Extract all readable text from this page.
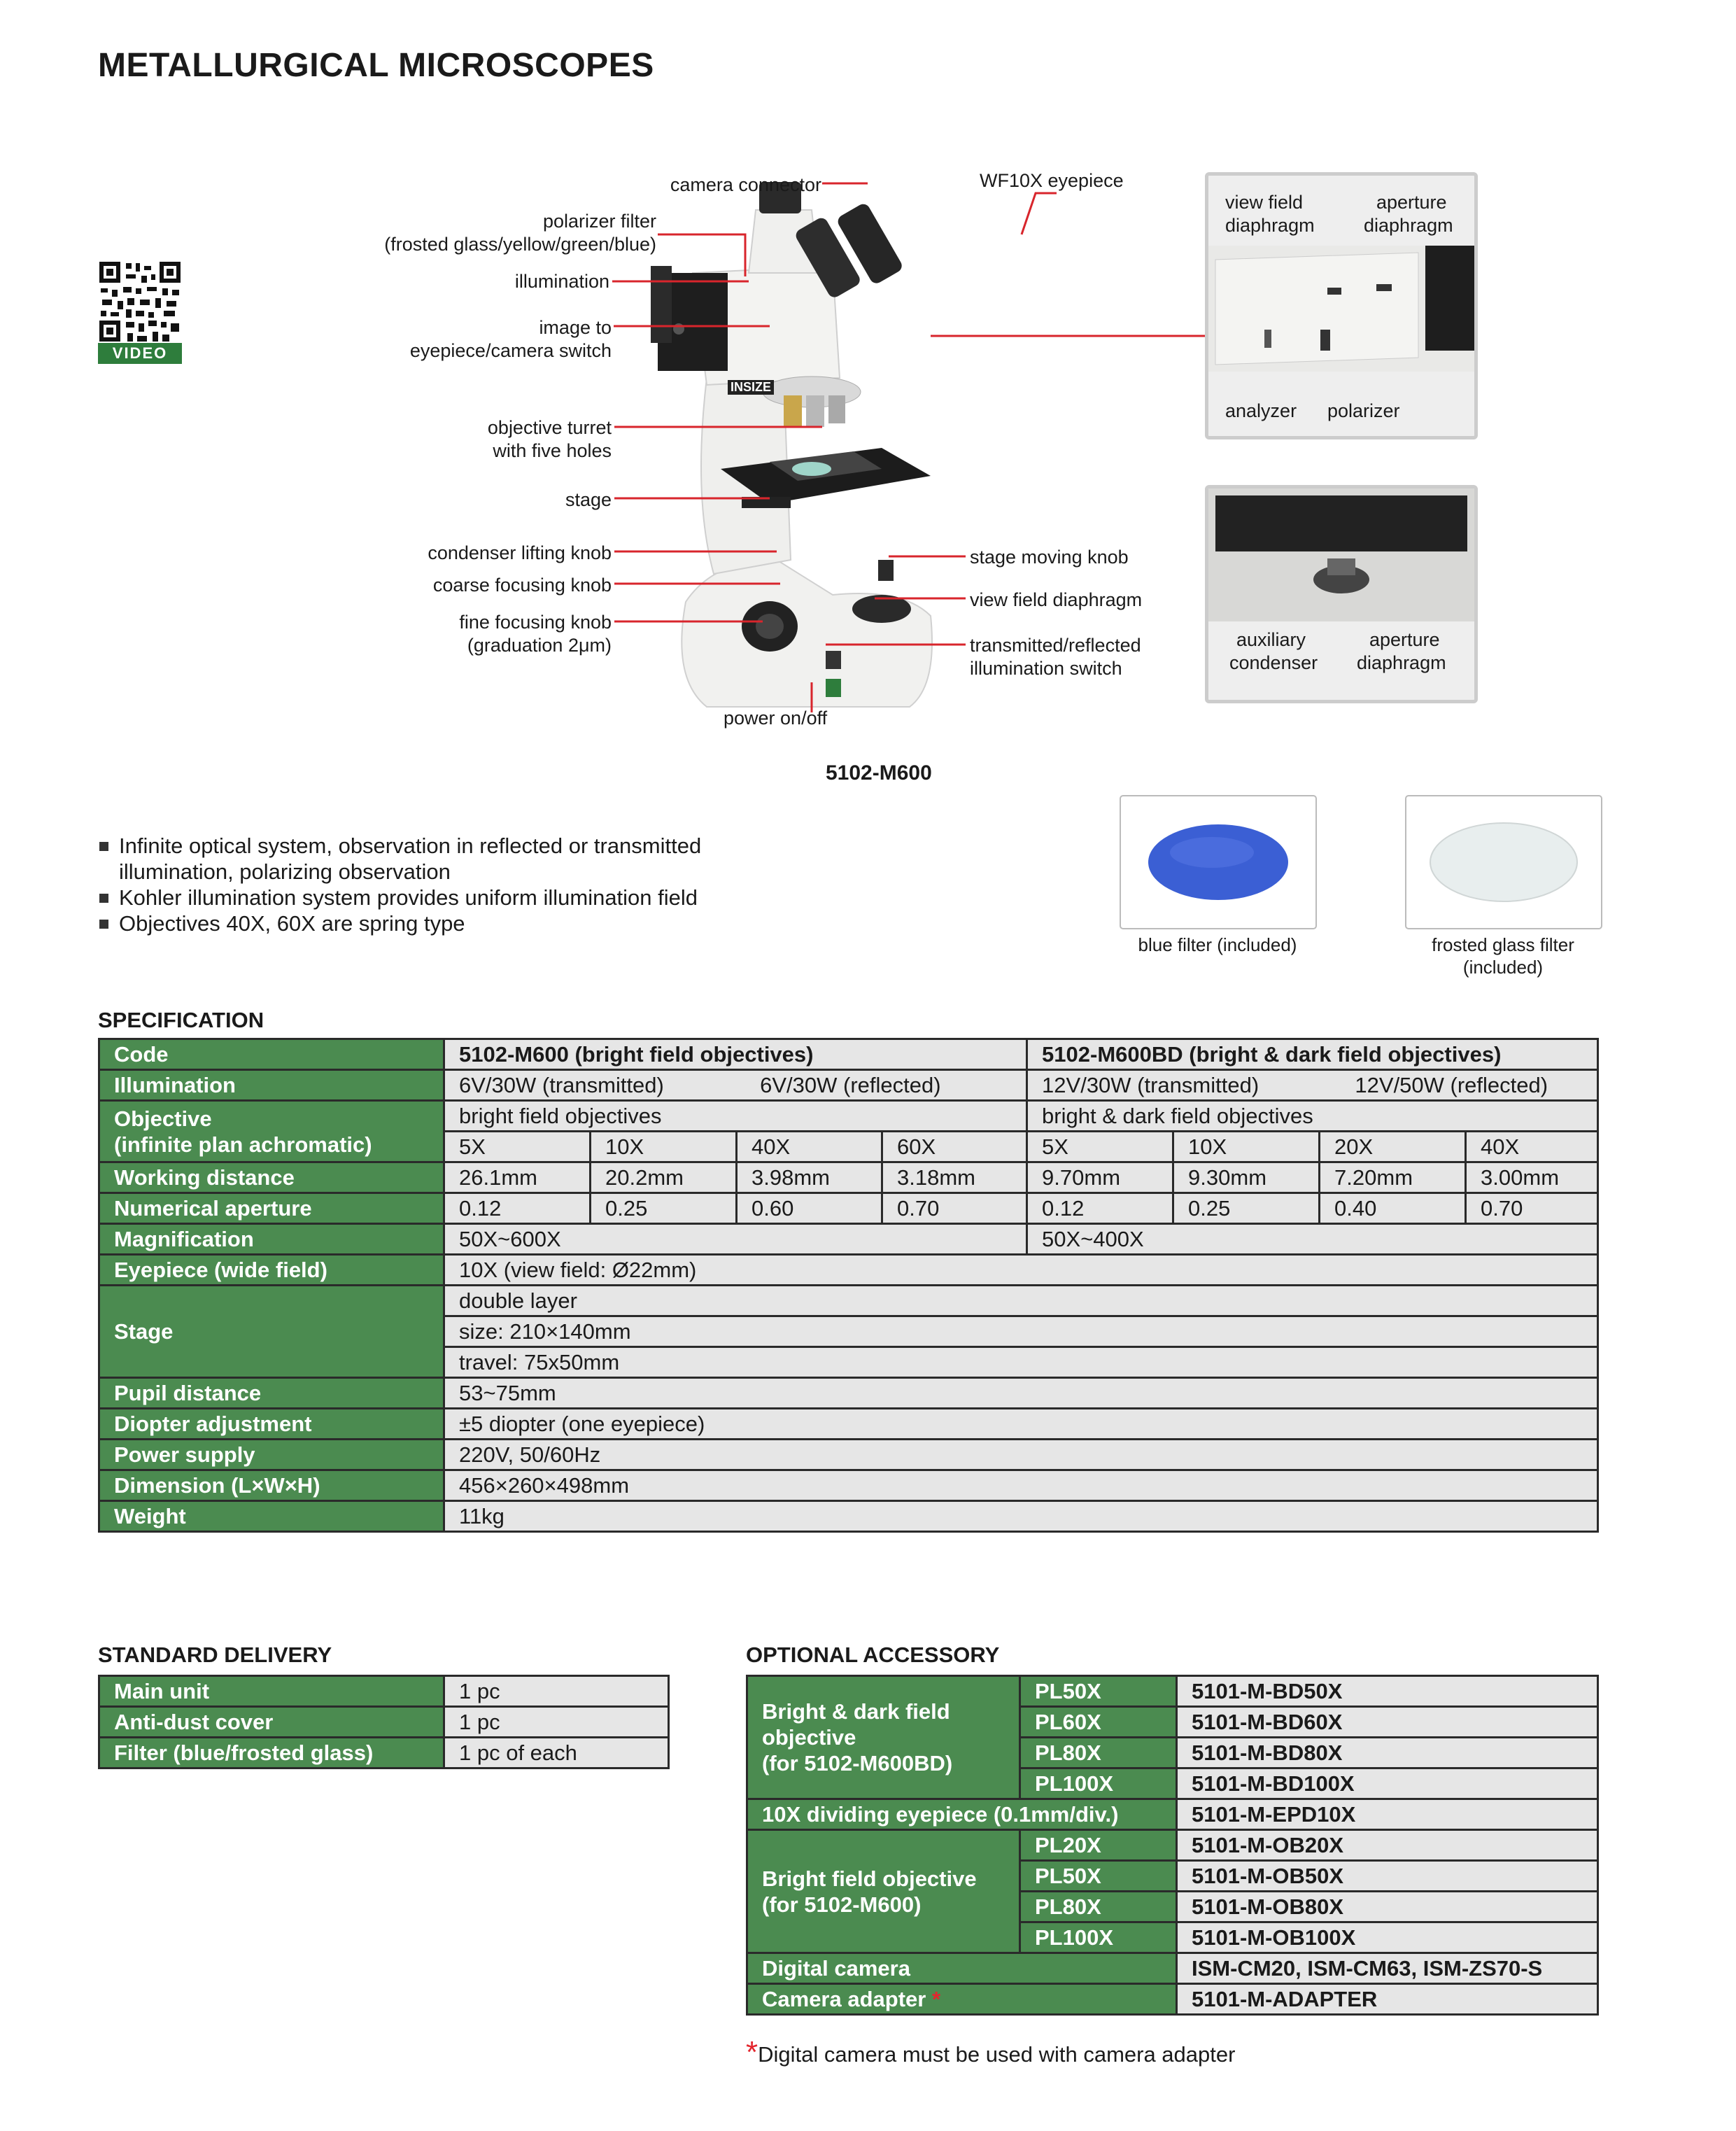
METALLURGICAL MICROSCOPES
VIDEO
INSIZE
camera connector
polarizer filter
(frosted glass/yellow/green/blue)
illumination
image to
eyepiece/camera switch
objective turret
with five holes
stage
condenser lifting knob
coarse focusing knob
fine focusing knob
(graduation 2μm)
WF10X eyepiece
stage moving knob
view field diaphragm
transmitted/reflected
illumination switch
power on/off
5102-M600
view field
diaphragm
aperture
diaphragm
analyzer polarizer
auxiliary
condenser
aperture
diaphragm
Infinite optical system, observation in reflected or transmitted
illumination, polarizing observation
Kohler illumination system provides uniform illumination field
Objectives 40X, 60X are spring type
blue filter (included)	frosted glass filter
(included)
SPECIFICATION
Code	5102-M600 (bright field objectives)				5102-M600BD (bright & dark field objectives)			
Illumination	6V/30W (transmitted) 6V/30W (reflected)				12V/30W (transmitted) 12V/50W (reflected)			

Objective
(infinite plan achromatic)	bright field objectives				bright & dark field objectives			
	5X	10X	40X	60X	5X	10X	20X	40X
Working distance	26.1mm	20.2mm	3.98mm	3.18mm	9.70mm	9.30mm	7.20mm	3.00mm
Numerical aperture	0.12	0.25	0.60	0.70	0.12	0.25	0.40	0.70
Magnification	50X~600X				50X~400X			
Eyepiece (wide field)	10X (view field: Ø22mm)							
Stage	double layer							
	size: 210×140mm							
	travel: 75x50mm							
Pupil distance	53~75mm							
Diopter adjustment	±5 diopter (one eyepiece)							
Power supply	220V, 50/60Hz							
Dimension (L×W×H)	456×260×498mm							
Weight	11kg							
STANDARD DELIVERY
Main unit	1 pc
Anti-dust cover	1 pc
Filter (blue/frosted glass)	1 pc of each
OPTIONAL ACCESSORY
Bright & dark field
objective
(for 5102-M600BD)	PL50X	5101-M-BD50X
	PL60X	5101-M-BD60X
	PL80X	5101-M-BD80X
	PL100X	5101-M-BD100X
10X dividing eyepiece (0.1mm/div.)		5101-M-EPD10X

Bright field objective
(for 5102-M600)	PL20X	5101-M-OB20X
	PL50X	5101-M-OB50X
	PL80X	5101-M-OB80X
	PL100X	5101-M-OB100X
Digital camera		ISM-CM20, ISM-CM63, ISM-ZS70-S
Camera adapter *		5101-M-ADAPTER
*Digital camera must be used with camera adapter
